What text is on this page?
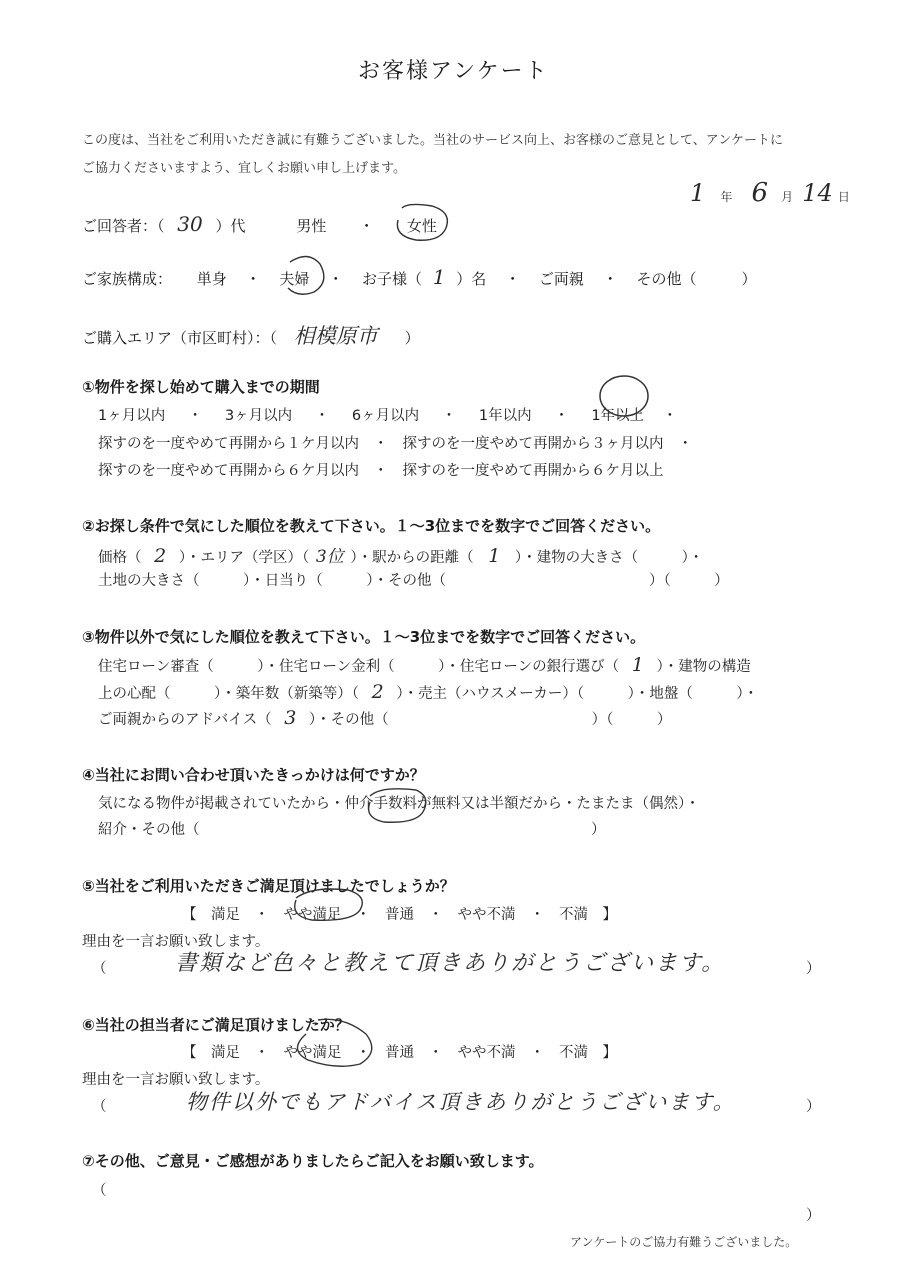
お客様アンケート
この度は、当社をご利用いただき誠に有難うございました。当社のサービス向上、お客様のご意見として、アンケートに
ご協力くださいますよう、宜しくお願い申し上げます。
1 年 6 月 14 日
ご回答者：（ 30 ）代	男性 ・ 女性
ご家族構成： 単身 ・ 夫婦 ・ お子様（ 1 ）名 ・ ご両親 ・ その他（　　　）
ご購入エリア（市区町村）：（ 相模原市 ）
①物件を探し始めて購入までの期間
1ヶ月以内 ・ 3ヶ月以内 ・ 6ヶ月以内 ・ 1年以内 ・ 1年以上 ・
探すのを一度やめて再開から１ケ月以内　・　探すのを一度やめて再開から３ヶ月以内　・
探すのを一度やめて再開から６ケ月以内　・　探すのを一度やめて再開から６ケ月以上
②お探し条件で気にした順位を教えて下さい。１～3位までを数字でご回答ください。
価格（ 2 ）・エリア（学区）（ 3位 ）・駅からの距離（ 1 ）・建物の大きさ（　　　）・
土地の大きさ（　　　）・日当り（　　　）・その他（　　　　　　　　　　　　　　）（　　　）
③物件以外で気にした順位を教えて下さい。１～3位までを数字でご回答ください。
住宅ローン審査（　　　）・住宅ローン金利（　　　）・住宅ローンの銀行選び（ 1 ）・建物の構造
上の心配（　　　）・築年数（新築等）（ 2 ）・売主（ハウスメーカー）（　　　）・地盤（　　　）・
ご両親からのアドバイス（ 3 ）・その他（　　　　　　　　　　　　　　）（　　　）
④当社にお問い合わせ頂いたきっかけは何ですか？
気になる物件が掲載されていたから・仲介手数料が無料又は半額だから・たまたま（偶然）・
紹介・その他（　　　　　　　　　　　　　　　　　　　　　　　　　　　）
⑤当社をご利用いただきご満足頂けましたでしょうか？
【　満足　・　やや満足　・　普通　・　やや不満　・　不満　】
理由を一言お願い致します。
（	書類など色々と教えて頂きありがとうございます。	）
⑥当社の担当者にご満足頂けましたか？
【　満足　・　やや満足　・　普通　・　やや不満　・　不満　】
理由を一言お願い致します。
（	物件以外でもアドバイス頂きありがとうございます。	）
⑦その他、ご意見・ご感想がありましたらご記入をお願い致します。
（
）
アンケートのご協力有難うございました。
